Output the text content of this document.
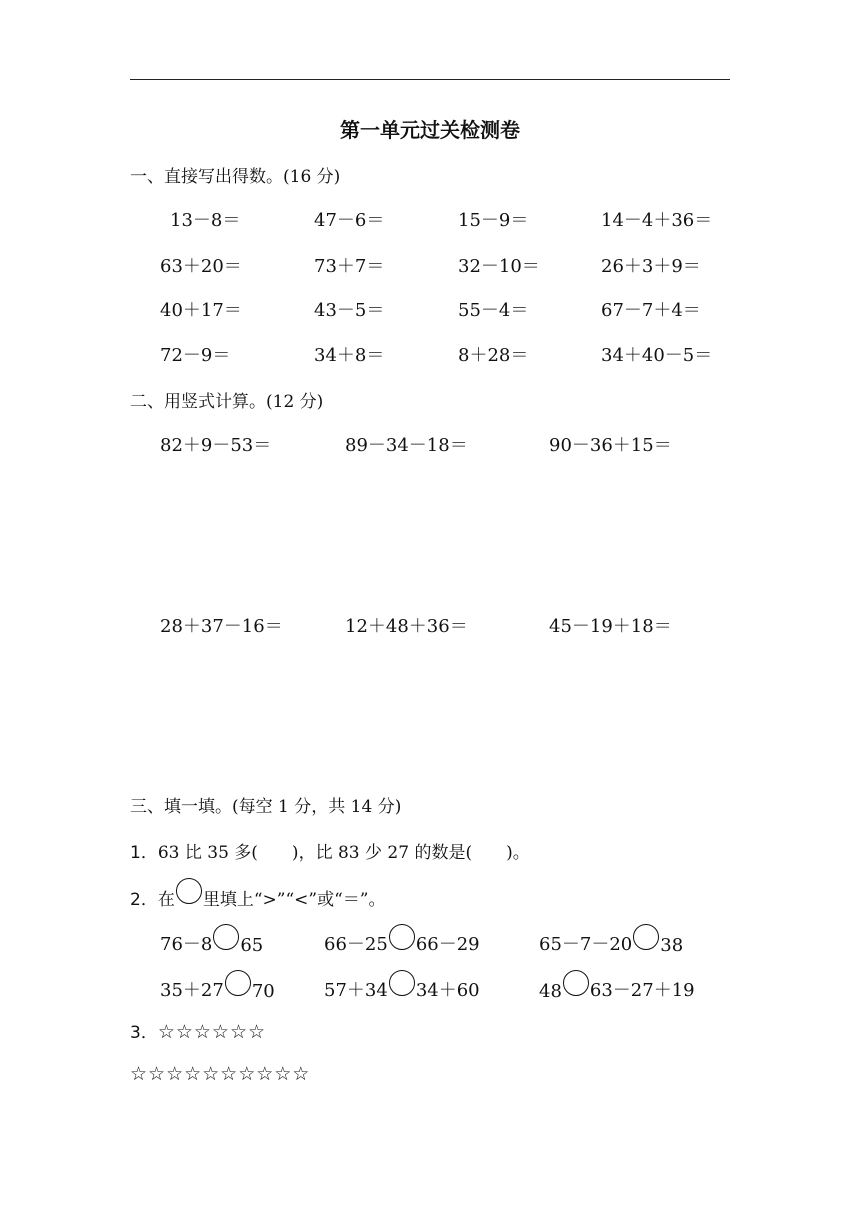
第一单元过关检测卷
一、直接写出得数。(16 分)
13－8＝	47－6＝	15－9＝	14－4＋36＝
63＋20＝	73＋7＝	32－10＝	26＋3＋9＝
40＋17＝	43－5＝	55－4＝	67－7＋4＝
72－9＝	34＋8＝	8＋28＝	34＋40－5＝
二、用竖式计算。(12 分)
82＋9－53＝	89－34－18＝	90－36＋15＝
28＋37－16＝	12＋48＋36＝	45－19＋18＝
三、填一填。(每空 1 分，共 14 分)
1．63 比 35 多(　　)，比 83 少 27 的数是(　　)。
2． 在 里填上“>”“<”或“＝”。
76－8 65	66－25 66－29	65－7－20 38
35＋27 70	57＋34 34＋60	48 63－27＋19
3．☆☆☆☆☆☆
☆☆☆☆☆☆☆☆☆☆
